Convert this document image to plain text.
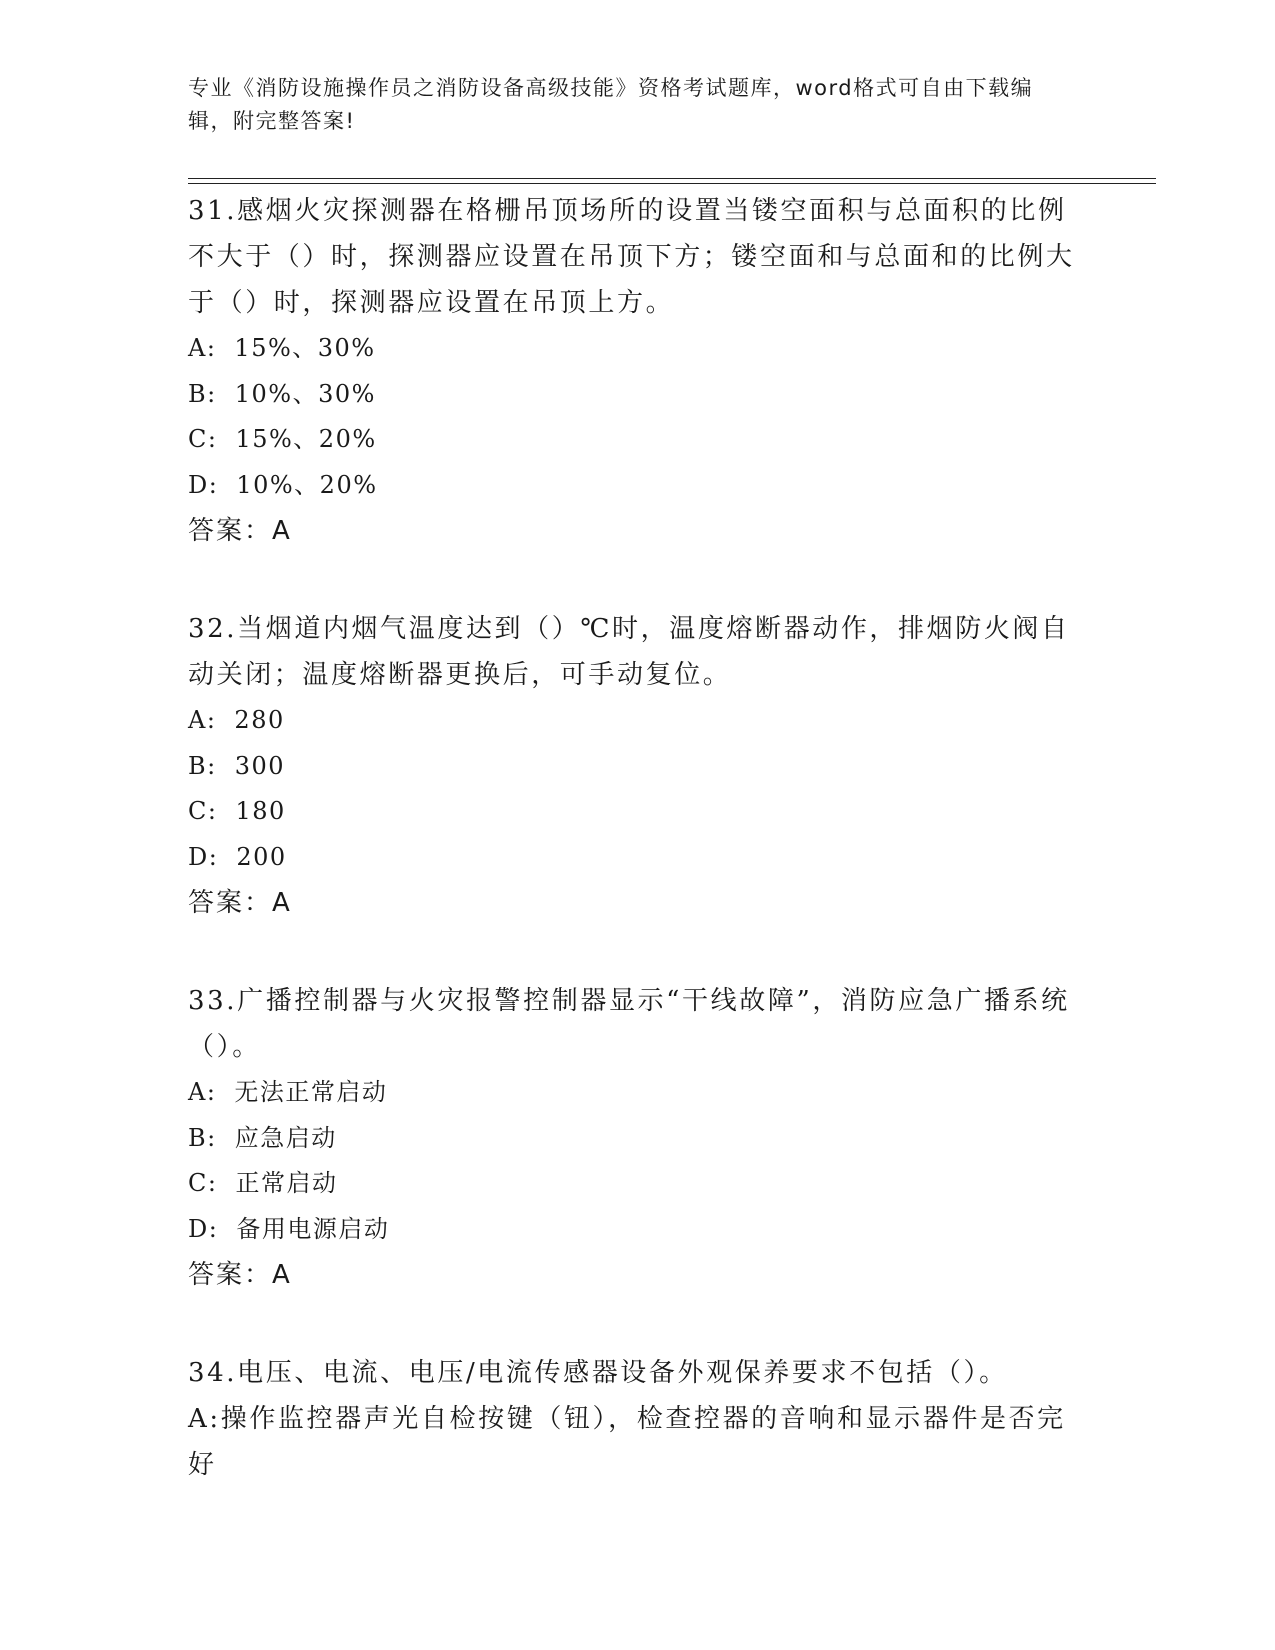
专业《消防设施操作员之消防设备高级技能》资格考试题库，word格式可自由下载编辑，附完整答案!
31.感烟火灾探测器在格栅吊顶场所的设置当镂空面积与总面积的比例不大于（）时，探测器应设置在吊顶下方；镂空面和与总面和的比例大于（）时，探测器应设置在吊顶上方。
A: 15%、30%
B: 10%、30%
C: 15%、20%
D: 10%、20%
答案：A
32.当烟道内烟气温度达到（）℃时，温度熔断器动作，排烟防火阀自动关闭；温度熔断器更换后，可手动复位。
A: 280
B: 300
C: 180
D: 200
答案：A
33.广播控制器与火灾报警控制器显示“干线故障”，消防应急广播系统（）。
A: 无法正常启动
B: 应急启动
C: 正常启动
D: 备用电源启动
答案：A
34.电压、电流、电压/电流传感器设备外观保养要求不包括（）。
A:操作监控器声光自检按键（钮），检查控器的音响和显示器件是否完好
